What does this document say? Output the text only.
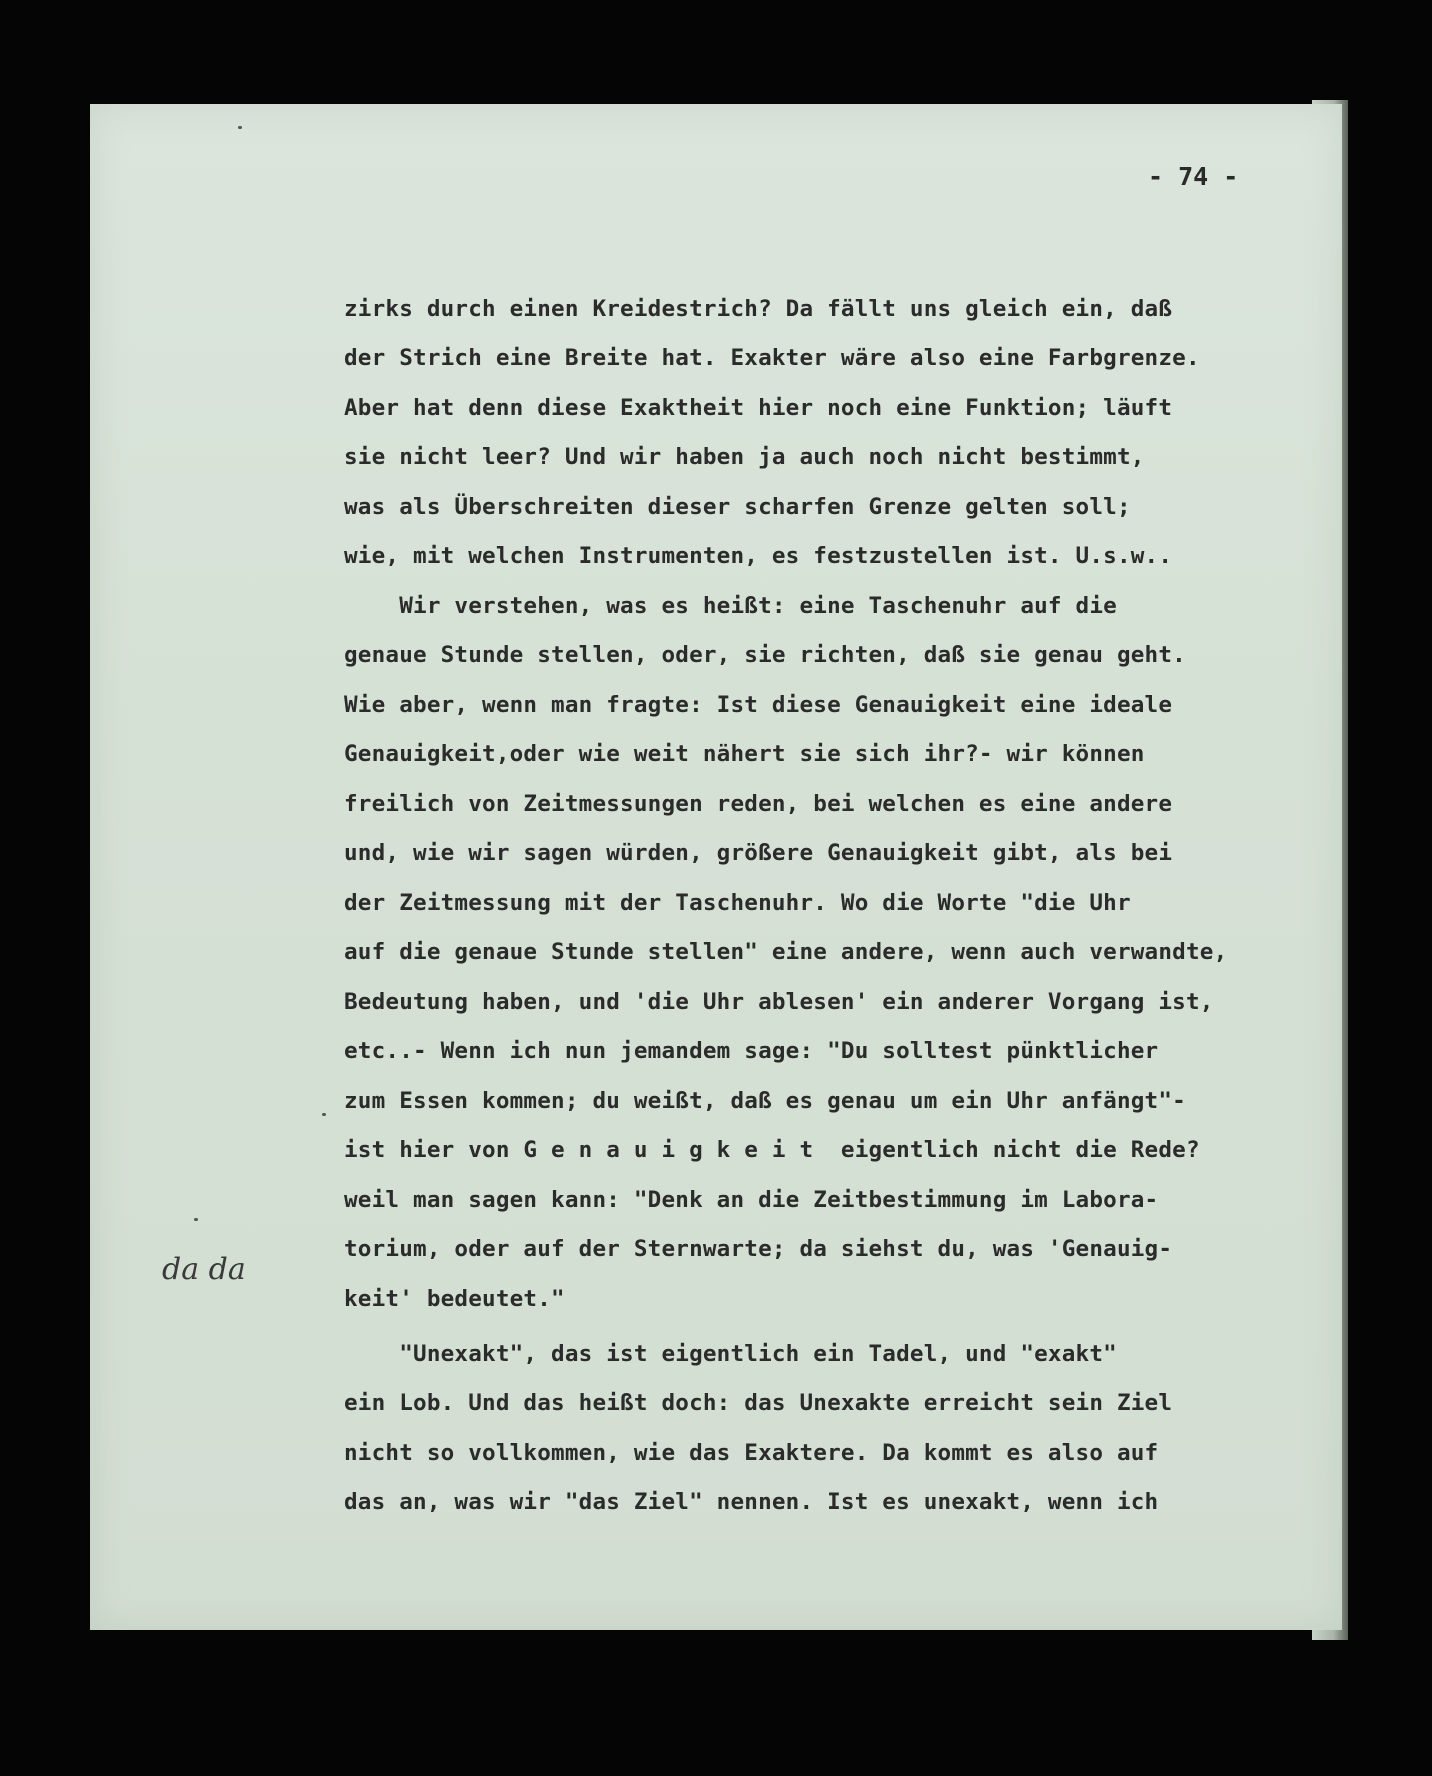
- 74 -
zirks durch einen Kreidestrich? Da fällt uns gleich ein, daß
der Strich eine Breite hat. Exakter wäre also eine Farbgrenze.
Aber hat denn diese Exaktheit hier noch eine Funktion; läuft
sie nicht leer? Und wir haben ja auch noch nicht bestimmt,
was als Überschreiten dieser scharfen Grenze gelten soll;
wie, mit welchen Instrumenten, es festzustellen ist. U.s.w..
Wir verstehen, was es heißt: eine Taschenuhr auf die
genaue Stunde stellen, oder, sie richten, daß sie genau geht.
Wie aber, wenn man fragte: Ist diese Genauigkeit eine ideale
Genauigkeit,oder wie weit nähert sie sich ihr?- wir können
freilich von Zeitmessungen reden, bei welchen es eine andere
und, wie wir sagen würden, größere Genauigkeit gibt, als bei
der Zeitmessung mit der Taschenuhr. Wo die Worte "die Uhr
auf die genaue Stunde stellen" eine andere, wenn auch verwandte,
Bedeutung haben, und 'die Uhr ablesen' ein anderer Vorgang ist,
etc..- Wenn ich nun jemandem sage: "Du solltest pünktlicher
zum Essen kommen; du weißt, daß es genau um ein Uhr anfängt"-
ist hier von G e n a u i g k e i t  eigentlich nicht die Rede?
weil man sagen kann: "Denk an die Zeitbestimmung im Labora-
torium, oder auf der Sternwarte; da siehst du, was 'Genauig-
keit' bedeutet."
"Unexakt", das ist eigentlich ein Tadel, und "exakt"
ein Lob. Und das heißt doch: das Unexakte erreicht sein Ziel
nicht so vollkommen, wie das Exaktere. Da kommt es also auf
das an, was wir "das Ziel" nennen. Ist es unexakt, wenn ich
da da
